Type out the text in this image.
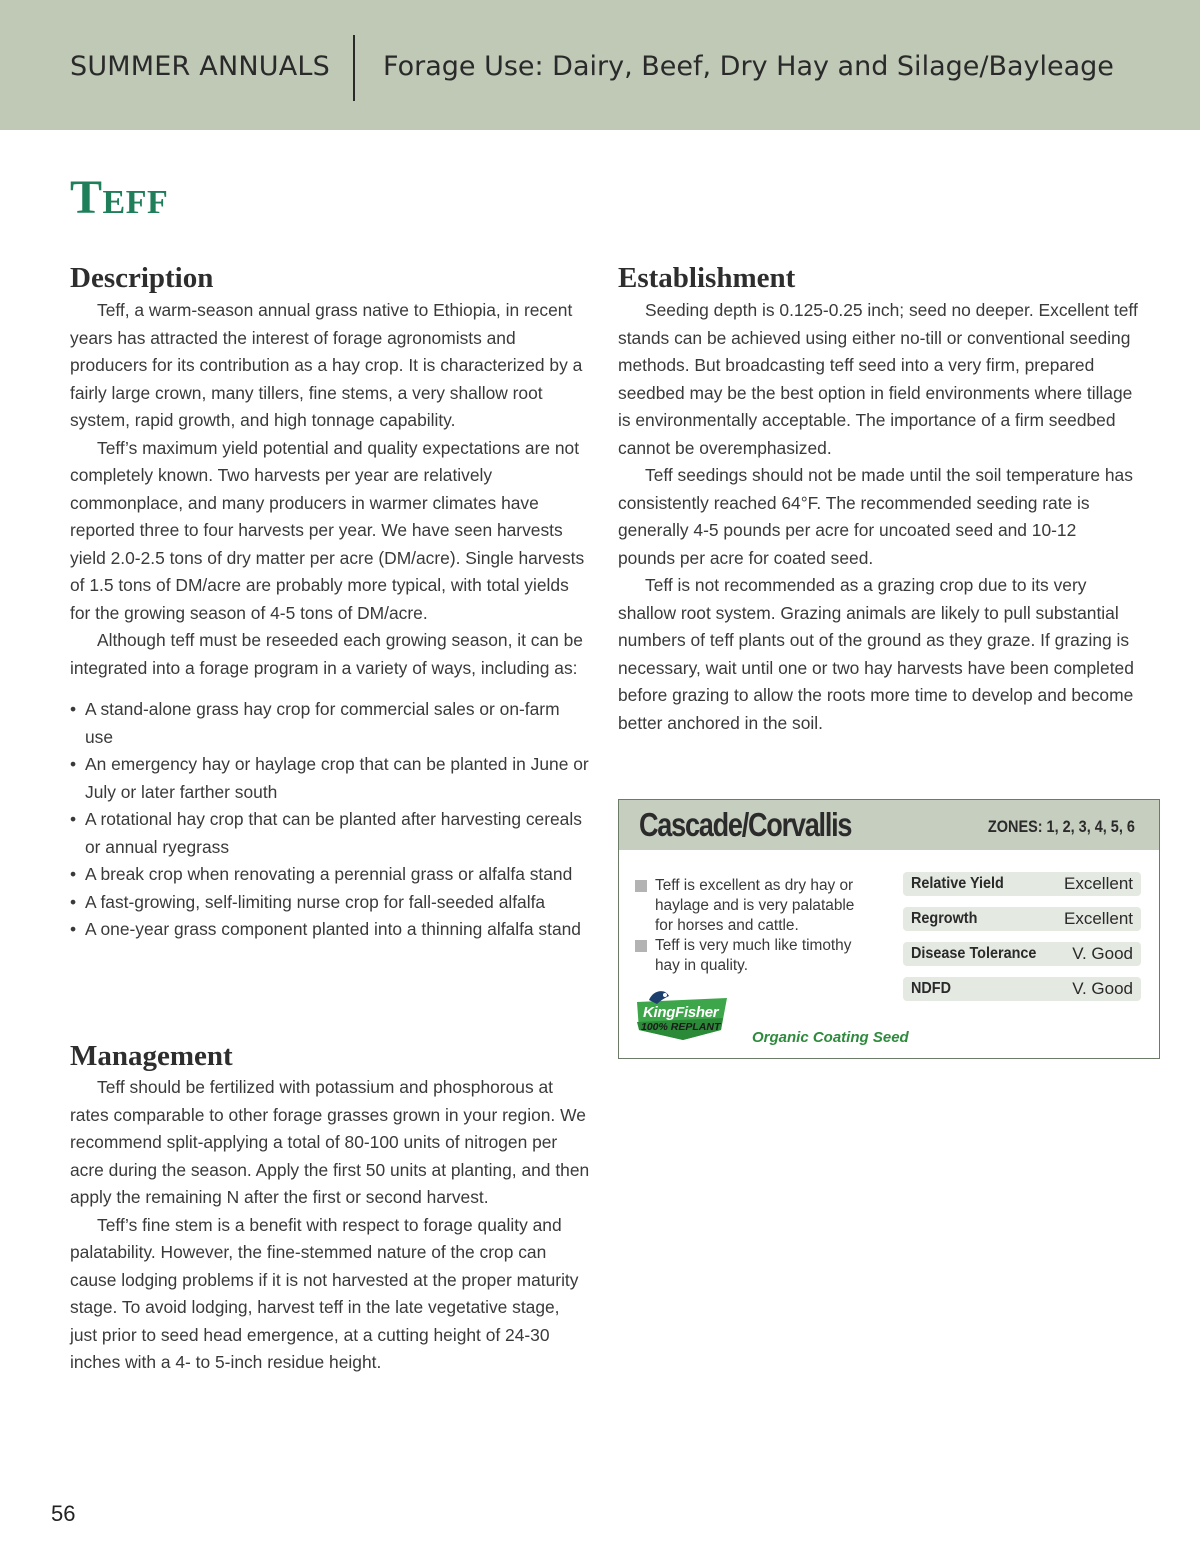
SUMMER ANNUALS Forage Use: Dairy, Beef, Dry Hay and Silage/Bayleage
Teff
Description

Teff, a warm-season annual grass native to Ethiopia, in recent years has attracted the interest of forage agronomists and producers for its contribution as a hay crop. It is characterized by a fairly large crown, many tillers, fine stems, a very shallow root system, rapid growth, and high tonnage capability.

Teff’s maximum yield potential and quality expectations are not completely known. Two harvests per year are relatively commonplace, and many producers in warmer climates have reported three to four harvests per year. We have seen harvests yield 2.0-2.5 tons of dry matter per acre (DM/acre). Single harvests of 1.5 tons of DM/acre are probably more typical, with total yields for the growing season of 4-5 tons of DM/acre.

Although teff must be reseeded each growing season, it can be integrated into a forage program in a variety of ways, including as:

• A stand-alone grass hay crop for commercial sales or on-farm use
• An emergency hay or haylage crop that can be planted in June or July or later farther south
• A rotational hay crop that can be planted after harvesting cereals or annual ryegrass
• A break crop when renovating a perennial grass or alfalfa stand
• A fast-growing, self-limiting nurse crop for fall-seeded alfalfa
• A one-year grass component planted into a thinning alfalfa stand
Management

Teff should be fertilized with potassium and phosphorous at rates comparable to other forage grasses grown in your region. We recommend split-applying a total of 80-100 units of nitrogen per acre during the season. Apply the first 50 units at planting, and then apply the remaining N after the first or second harvest.

Teff’s fine stem is a benefit with respect to forage quality and palatability. However, the fine-stemmed nature of the crop can cause lodging problems if it is not harvested at the proper maturity stage. To avoid lodging, harvest teff in the late vegetative stage, just prior to seed head emergence, at a cutting height of 24-30 inches with a 4- to 5-inch residue height.

Establishment

Seeding depth is 0.125-0.25 inch; seed no deeper. Excellent teff stands can be achieved using either no-till or conventional seeding methods. But broadcasting teff seed into a very firm, prepared seedbed may be the best option in field environments where tillage is environmentally acceptable. The importance of a firm seedbed cannot be overemphasized.

Teff seedings should not be made until the soil temperature has consistently reached 64°F. The recommended seeding rate is generally 4-5 pounds per acre for uncoated seed and 10-12 pounds per acre for coated seed.

Teff is not recommended as a grazing crop due to its very shallow root system. Grazing animals are likely to pull substantial numbers of teff plants out of the ground as they graze. If grazing is necessary, wait until one or two hay harvests have been completed before grazing to allow the roots more time to develop and become better anchored in the soil.

Cascade/Corvallis	ZONES: 1, 2, 3, 4, 5, 6
Teff is excellent as dry hay or haylage and is very palatable for horses and cattle.
Teff is very much like timothy hay in quality.
Relative Yield	Excellent
Regrowth	Excellent
Disease Tolerance V. Good
NDFD	V. Good
KingFisher
100% REPLANT
Organic Coating Seed
56
